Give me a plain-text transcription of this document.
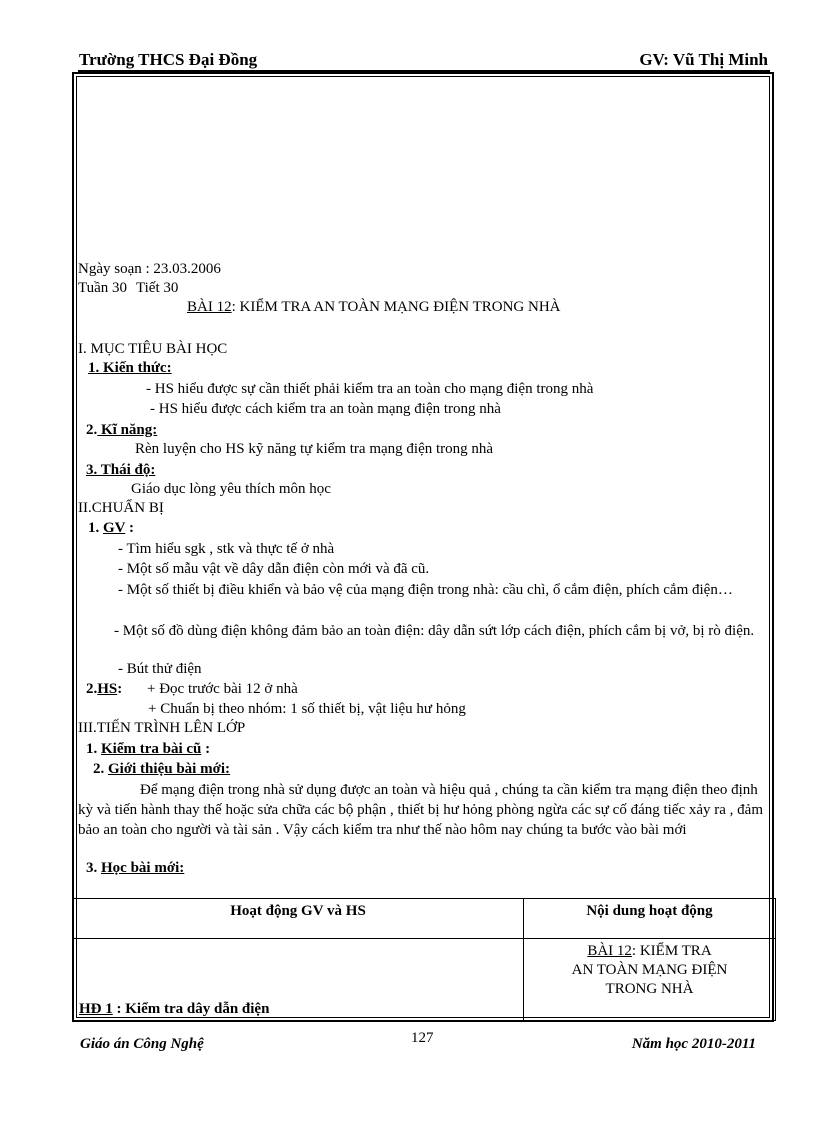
Trường THCS Đại Đồng	GV: Vũ Thị Minh
Ngày soạn : 23.03.2006
Tuần 30 Tiết 30
BÀI 12: KIỂM TRA AN TOÀN MẠNG ĐIỆN TRONG NHÀ
I. MỤC TIÊU BÀI HỌC
1. Kiến thức:
- HS hiểu được sự cần thiết phải kiểm tra an toàn cho mạng điện trong nhà
- HS hiểu được cách kiểm tra an toàn mạng điện trong nhà
2. Kĩ năng:
Rèn luyện cho HS kỹ năng tự kiểm tra mạng điện trong nhà
3. Thái độ:
Giáo dục lòng yêu thích môn học
II.CHUẨN BỊ
1. GV :
- Tìm hiểu sgk , stk và thực tế ở nhà
- Một số mẫu vật về dây dẫn điện còn mới và đã cũ.
- Một số thiết bị điều khiển và bảo vệ của mạng điện trong nhà: cầu chì, ổ cắm điện, phích cắm điện…
- Một số đồ dùng điện không đảm bảo an toàn điện: dây dẫn sứt lớp cách điện, phích cắm bị vở, bị rò điện.
- Bút thử điện
2.HS: + Đọc trước bài 12 ở nhà
+ Chuẩn bị theo nhóm: 1 số thiết bị, vật liệu hư hỏng
III.TIẾN TRÌNH LÊN LỚP
1. Kiểm tra bài cũ :
2. Giới thiệu bài mới:
Để mạng điện trong nhà sử dụng được an toàn và hiệu quả , chúng ta cần kiểm tra mạng điện theo định kỳ và tiến hành thay thế hoặc sửa chữa các bộ phận , thiết bị hư hỏng phòng ngừa các sự cố đáng tiếc xảy ra , đảm bảo an toàn cho người và tài sản . Vậy cách kiểm tra như thế nào hôm nay chúng ta bước vào bài mới
3. Học bài mới:
Hoạt động GV và HS	Nội dung hoạt động
HĐ 1 : Kiểm tra dây dẫn điện	BÀI 12: KIỂM TRA
AN TOÀN MẠNG ĐIỆN
TRONG NHÀ
Giáo án Công Nghệ	127	Năm học 2010-2011
